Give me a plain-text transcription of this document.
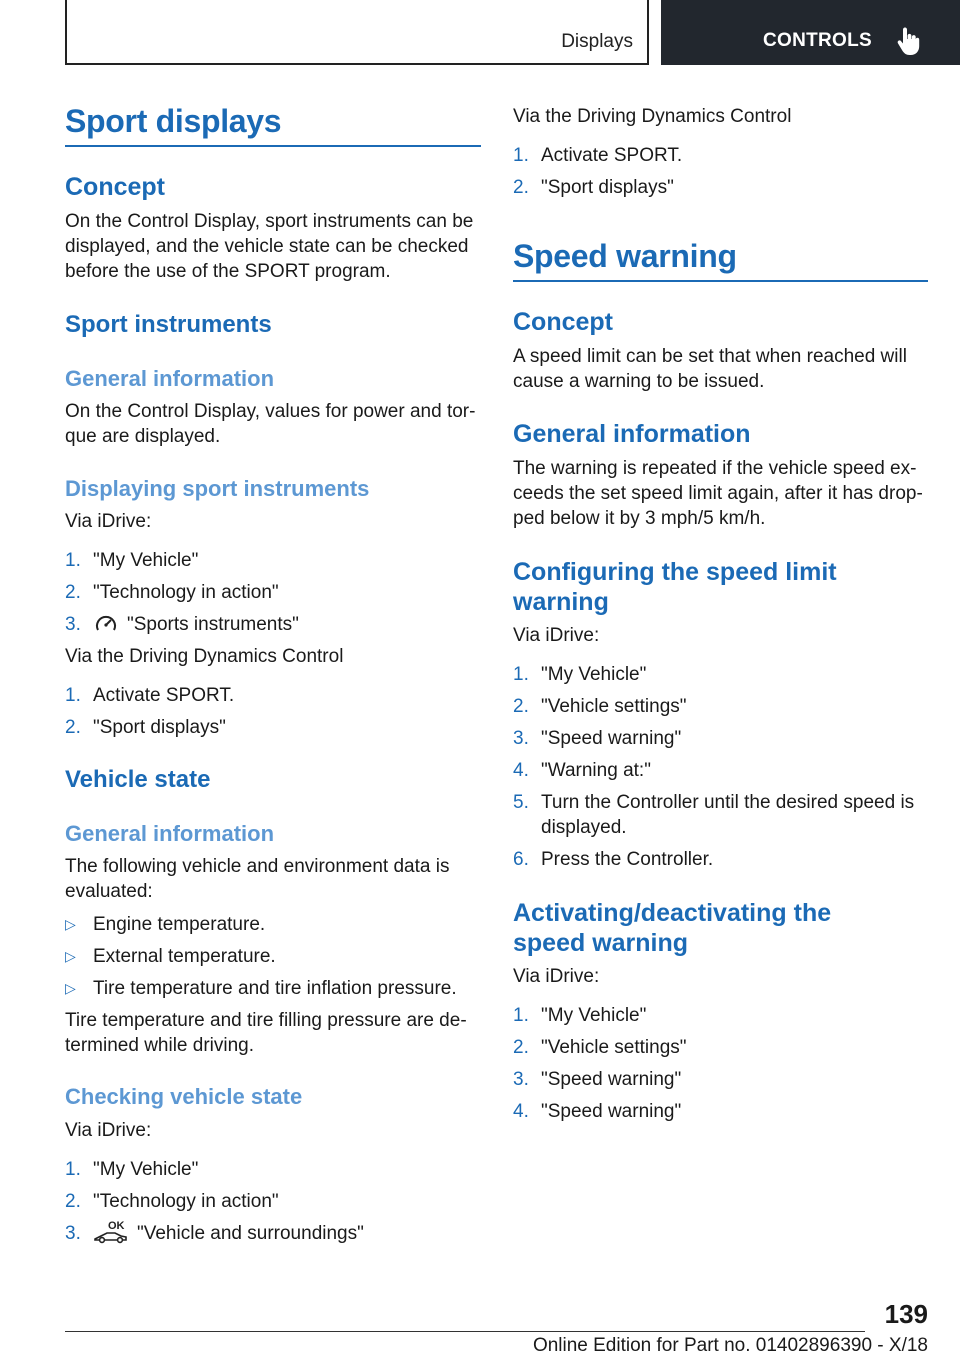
Displays	CONTROLS
Sport displays
Concept
On the Control Display, sport instruments can be
displayed, and the vehicle state can be checked
before the use of the SPORT program.
Sport instruments
General information
On the Control Display, values for power and tor-
que are displayed.
Displaying sport instruments
Via iDrive:
1. "My Vehicle"
2. "Technology in action"
3. "Sports instruments"
Via the Driving Dynamics Control
1. Activate SPORT.
2. "Sport displays"
Vehicle state
General information
The following vehicle and environment data is
evaluated:
▷ Engine temperature.
▷ External temperature.
▷ Tire temperature and tire inflation pressure.
Tire temperature and tire filling pressure are de-
termined while driving.
Checking vehicle state
Via iDrive:
1. "My Vehicle"
2. "Technology in action"
3. OK "Vehicle and surroundings"
Via the Driving Dynamics Control
1. Activate SPORT.
2. "Sport displays"
Speed warning
Concept
A speed limit can be set that when reached will
cause a warning to be issued.
General information
The warning is repeated if the vehicle speed ex-
ceeds the set speed limit again, after it has drop-
ped below it by 3 mph/5 km/h.
Configuring the speed limit
warning
Via iDrive:
1. "My Vehicle"
2. "Vehicle settings"
3. "Speed warning"
4. "Warning at:"
5. Turn the Controller until the desired speed is
displayed.
6. Press the Controller.
Activating/deactivating the
speed warning
Via iDrive:
1. "My Vehicle"
2. "Vehicle settings"
3. "Speed warning"
4. "Speed warning"
139
Online Edition for Part no. 01402896390 - X/18
